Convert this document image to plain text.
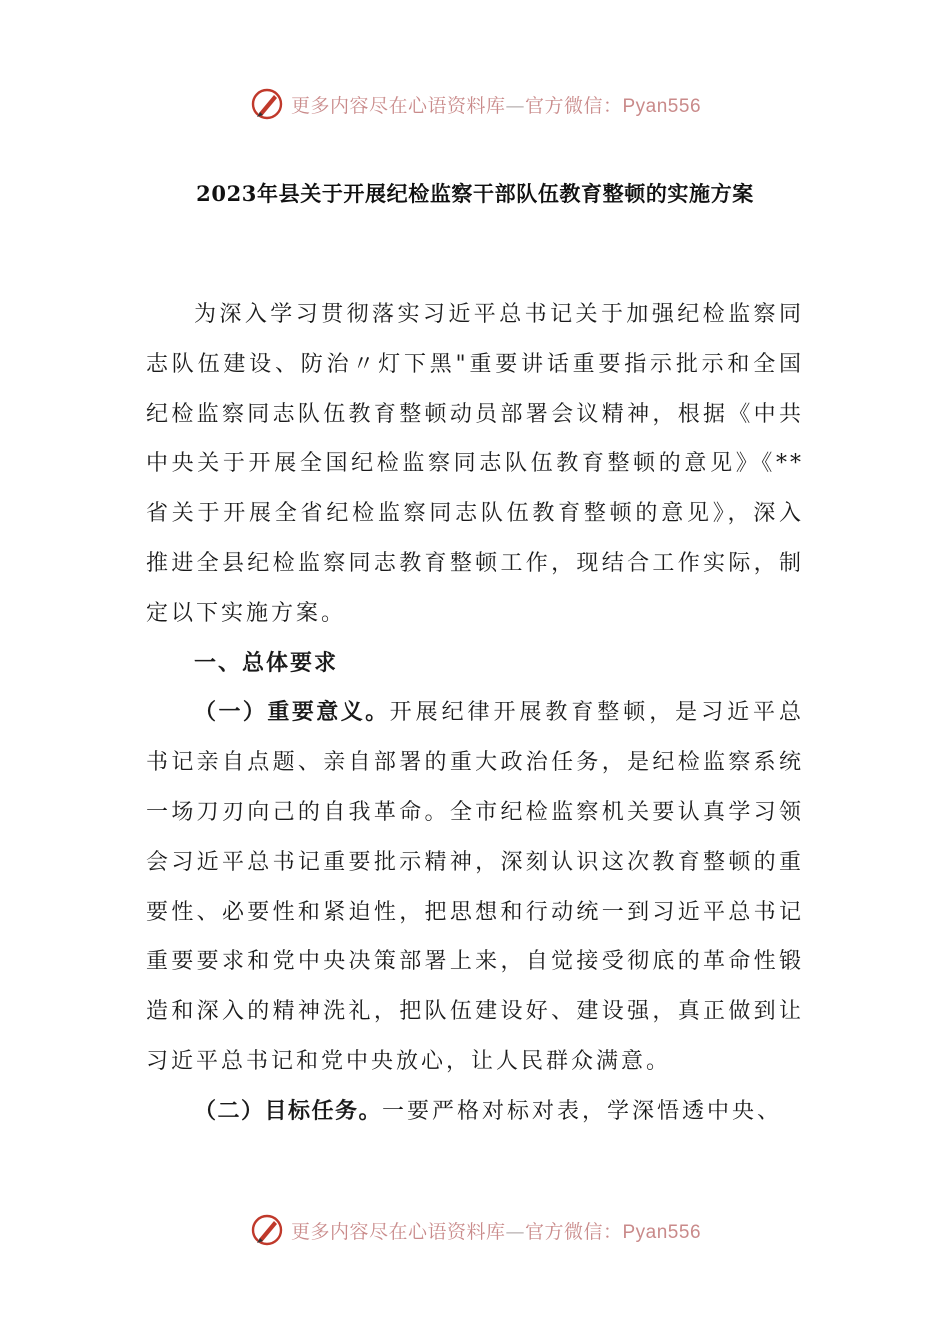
更多内容尽在心语资料库—官方微信：Pyan556
2023年县关于开展纪检监察干部队伍教育整顿的实施方案

为深入学习贯彻落实习近平总书记关于加强纪检监察同志队伍建设、防治〃灯下黑"重要讲话重要指示批示和全国纪检监察同志队伍教育整顿动员部署会议精神，根据《中共中央关于开展全国纪检监察同志队伍教育整顿的意见》《**省关于开展全省纪检监察同志队伍教育整顿的意见》，深入推进全县纪检监察同志教育整顿工作，现结合工作实际，制定以下实施方案。

一、总体要求

（一）重要意义。开展纪律开展教育整顿，是习近平总书记亲自点题、亲自部署的重大政治任务，是纪检监察系统一场刀刃向己的自我革命。全市纪检监察机关要认真学习领会习近平总书记重要批示精神，深刻认识这次教育整顿的重要性、必要性和紧迫性，把思想和行动统一到习近平总书记重要要求和党中央决策部署上来，自觉接受彻底的革命性锻造和深入的精神洗礼，把队伍建设好、建设强，真正做到让习近平总书记和党中央放心，让人民群众满意。

（二）目标任务。一要严格对标对表，学深悟透中央、

更多内容尽在心语资料库—官方微信：Pyan556
